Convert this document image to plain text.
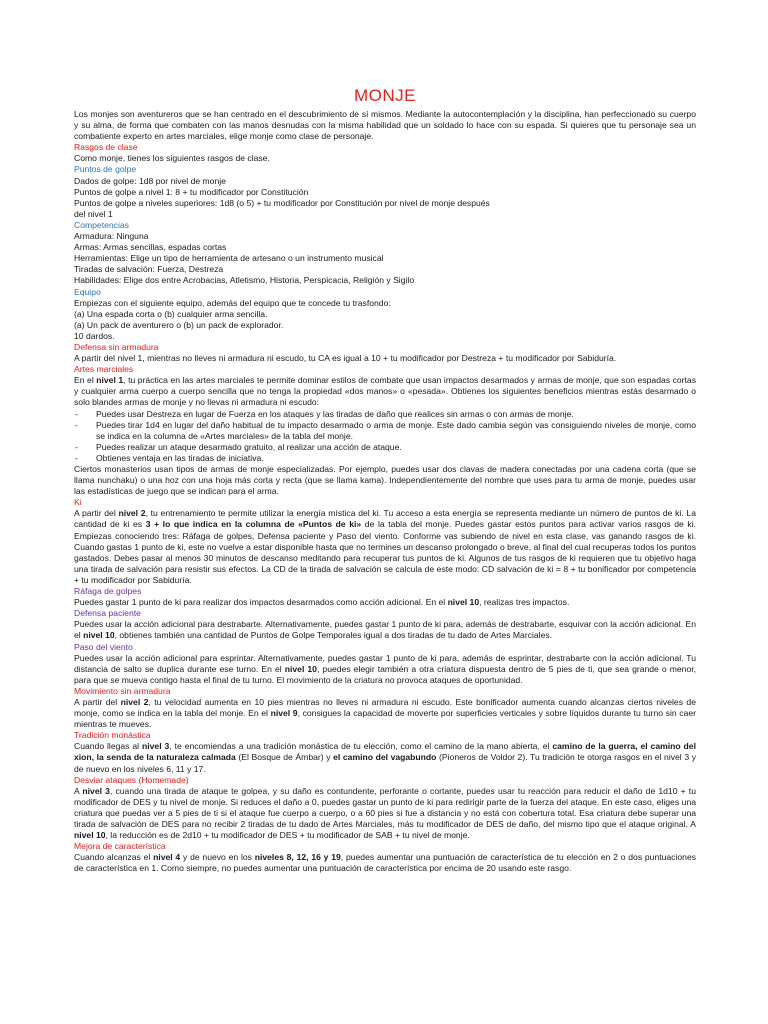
MONJE

Los monjes son aventureros que se han centrado en el descubrimiento de sí mismos. Mediante la autocontemplación y la disciplina, han perfeccionado su cuerpo y su alma, de forma que combaten con las manos desnudas con la misma habilidad que un soldado lo hace con su espada. Si quieres que tu personaje sea un combatiente experto en artes marciales, elige monje como clase de personaje.

Rasgos de clase

Como monje, tienes los siguientes rasgos de clase.

Puntos de golpe

Dados de golpe: 1d8 por nivel de monje

Puntos de golpe a nivel 1: 8 + tu modificador por Constitución

Puntos de golpe a niveles superiores: 1d8 (o 5) + tu modificador por Constitución por nivel de monje después

del nivel 1

Competencias

Armadura: Ninguna

Armas: Armas sencillas, espadas cortas

Herramientas: Elige un tipo de herramienta de artesano o un instrumento musical

Tiradas de salvación: Fuerza, Destreza

Habilidades: Elige dos entre Acrobacias, Atletismo, Historia, Perspicacia, Religión y Sigilo

Equipo

Empiezas con el siguiente equipo, además del equipo que te concede tu trasfondo:

(a) Una espada corta o (b) cualquier arma sencilla.

(a) Un pack de aventurero o (b) un pack de explorador.

10 dardos.

Defensa sin armadura

A partir del nivel 1, mientras no lleves ni armadura ni escudo, tu CA es igual a 10 + tu modificador por Destreza + tu modificador por Sabiduría.

Artes marciales

En el nivel 1, tu práctica en las artes marciales te permite dominar estilos de combate que usan impactos desarmados y armas de monje, que son espadas cortas y cualquier arma cuerpo a cuerpo sencilla que no tenga la propiedad «dos manos» o «pesada». Obtienes los siguientes beneficios mientras estás desarmado o solo blandes armas de monje y no llevas ni armadura ni escudo:

- Puedes usar Destreza en lugar de Fuerza en los ataques y las tiradas de daño que realices sin armas o con armas de monje.
- Puedes tirar 1d4 en lugar del daño habitual de tu impacto desarmado o arma de monje. Este dado cambia según vas consiguiendo niveles de monje, como se indica en la columna de «Artes marciales» de la tabla del monje.
- Puedes realizar un ataque desarmado gratuito, al realizar una acción de ataque.
- Obtienes ventaja en las tiradas de iniciativa.

Ciertos monasterios usan tipos de armas de monje especializadas. Por ejemplo, puedes usar dos clavas de madera conectadas por una cadena corta (que se llama nunchaku) o una hoz con una hoja más corta y recta (que se llama kama). Independientemente del nombre que uses para tu arma de monje, puedes usar las estadísticas de juego que se indican para el arma.

Ki

A partir del nivel 2, tu entrenamiento te permite utilizar la energía mística del ki. Tu acceso a esta energía se representa mediante un número de puntos de ki. La cantidad de ki es 3 + lo que indica en la columna de «Puntos de ki» de la tabla del monje. Puedes gastar estos puntos para activar varios rasgos de ki. Empiezas conociendo tres: Ráfaga de golpes, Defensa paciente y Paso del viento. Conforme vas subiendo de nivel en esta clase, vas ganando rasgos de ki. Cuando gastas 1 punto de ki, este no vuelve a estar disponible hasta que no termines un descanso prolongado o breve, al final del cual recuperas todos los puntos gastados. Debes pasar al menos 30 minutos de descanso meditando para recuperar tus puntos de ki. Algunos de tus rasgos de ki requieren que tu objetivo haga una tirada de salvación para resistir sus efectos. La CD de la tirada de salvación se calcula de este modo: CD salvación de ki = 8 + tu bonificador por competencia + tu modificador por Sabiduría.

Ráfaga de golpes

Puedes gastar 1 punto de ki para realizar dos impactos desarmados como acción adicional. En el nivel 10, realizas tres impactos.

Defensa paciente

Puedes usar la acción adicional para destrabarte. Alternativamente, puedes gastar 1 punto de ki para, además de destrabarte, esquivar con la acción adicional. En el nivel 10, obtienes también una cantidad de Puntos de Golpe Temporales igual a dos tiradas de tu dado de Artes Marciales.

Paso del viento

Puedes usar la acción adicional para esprintar. Alternativamente, puedes gastar 1 punto de ki para, además de esprintar, destrabarte con la acción adicional. Tu distancia de salto se duplica durante ese turno. En el nivel 10, puedes elegir también a otra criatura dispuesta dentro de 5 pies de ti, que sea grande o menor, para que se mueva contigo hasta el final de tu turno. El movimiento de la criatura no provoca ataques de oportunidad.

Movimiento sin armadura

A partir del nivel 2, tu velocidad aumenta en 10 pies mientras no lleves ni armadura ni escudo. Este bonificador aumenta cuando alcanzas ciertos niveles de monje, como se indica en la tabla del monje. En el nivel 9, consigues la capacidad de moverte por superficies verticales y sobre líquidos durante tu turno sin caer mientras te mueves.

Tradición monástica

Cuando llegas al nivel 3, te encomiendas a una tradición monástica de tu elección, como el camino de la mano abierta, el camino de la guerra, el camino del xion, la senda de la naturaleza calmada (El Bosque de Ámbar) y el camino del vagabundo (Pioneros de Voldor 2). Tu tradición te otorga rasgos en el nivel 3 y de nuevo en los niveles 6, 11 y 17.

Desviar ataques (Homemade)

A nivel 3, cuando una tirada de ataque te golpea, y su daño es contundente, perforante o cortante, puedes usar tu reacción para reducir el daño de 1d10 + tu modificador de DES y tu nivel de monje. Si reduces el daño a 0, puedes gastar un punto de ki para redirigir parte de la fuerza del ataque. En este caso, eliges una criatura que puedas ver a 5 pies de ti si el ataque fue cuerpo a cuerpo, o a 60 pies si fue a distancia y no está con cobertura total. Esa criatura debe superar una tirada de salvación de DES para no recibir 2 tiradas de tu dado de Artes Marciales, más tu modificador de DES de daño, del mismo tipo que el ataque original. A nivel 10, la reducción es de 2d10 + tu modificador de DES + tu modificador de SAB + tu nivel de monje.

Mejora de característica

Cuando alcanzas el nivel 4 y de nuevo en los niveles 8, 12, 16 y 19, puedes aumentar una puntuación de característica de tu elección en 2 o dos puntuaciones de característica en 1. Como siempre, no puedes aumentar una puntuación de característica por encima de 20 usando este rasgo.
